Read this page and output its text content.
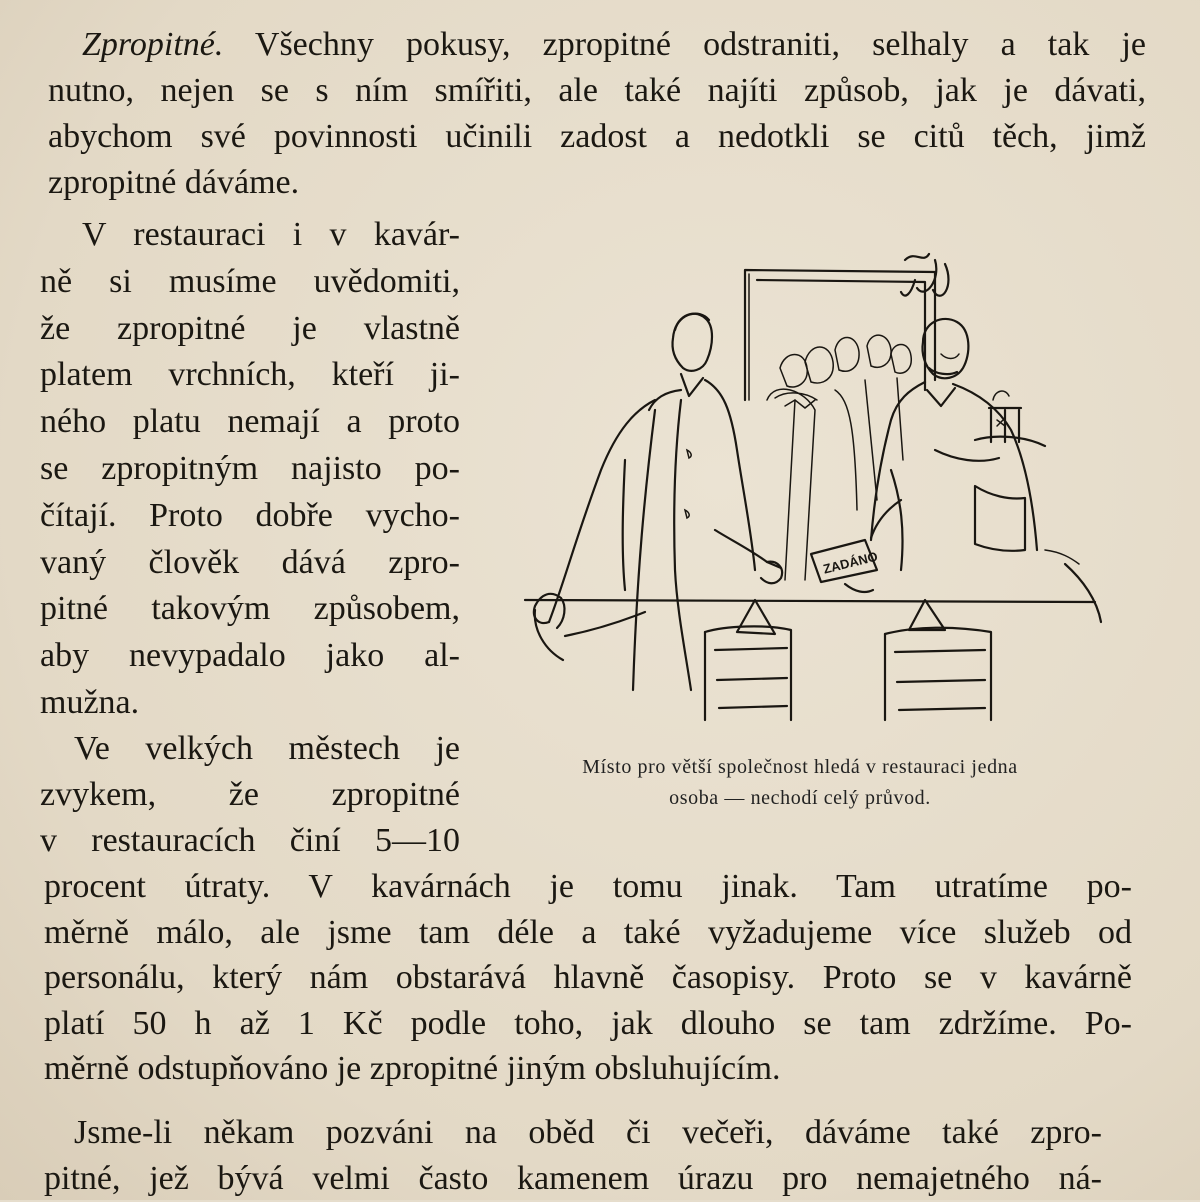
Zpropitné. Všechny pokusy, zpropitné odstraniti, selhaly a tak je
nutno, nejen se s ním smířiti, ale také najíti způsob, jak je dávati,
abychom své povinnosti učinili zadost a nedotkli se citů těch, jimž
zpropitné dáváme.
V restauraci i v kavár-
ně si musíme uvědomiti,
že zpropitné je vlastně
platem vrchních, kteří ji-
ného platu nemají a proto
se zpropitným najisto po-
čítají. Proto dobře vycho-
vaný člověk dává zpro-
pitné takovým způsobem,
aby nevypadalo jako al-
mužna.
Ve velkých městech je
zvykem, že zpropitné
v restauracích činí 5—10
ZADÁNO
Místo pro větší společnost hledá v restauraci jedna
osoba — nechodí celý průvod.
procent útraty. V kavárnách je tomu jinak. Tam utratíme po-
měrně málo, ale jsme tam déle a také vyžadujeme více služeb od
personálu, který nám obstarává hlavně časopisy. Proto se v kavárně
platí 50 h až 1 Kč podle toho, jak dlouho se tam zdržíme. Po-
měrně odstupňováno je zpropitné jiným obsluhujícím.
Jsme-li někam pozváni na oběd či večeři, dáváme také zpro-
pitné, jež bývá velmi často kamenem úrazu pro nemajetného ná-
